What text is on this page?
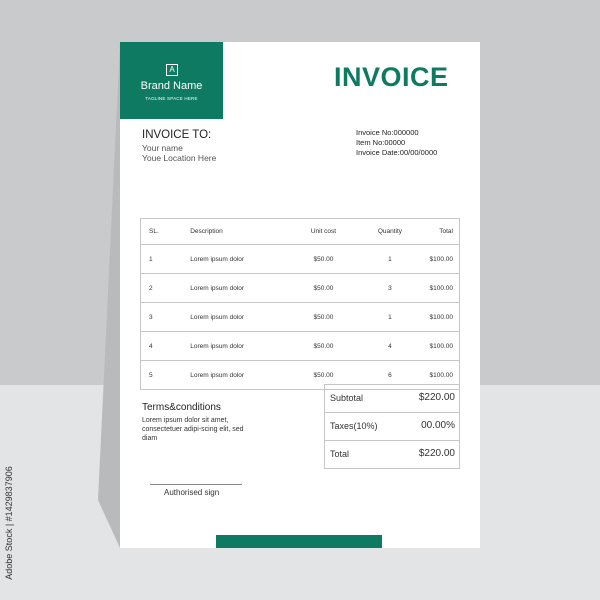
A
Brand Name
TAGLINE SPACE HERE
INVOICE
INVOICE TO:
Your name
Youe Location Here
Invoice No:000000
Item No:00000
Invoice Date:00/00/0000
SL.	Description	Unit cost	Quantity	Total
1	Lorem ipsum dolor	$50.00	1	$100.00
2	Lorem ipsum dolor	$50.00	3	$100.00
3	Lorem ipsum dolor	$50.00	1	$100.00
4	Lorem ipsum dolor	$50.00	4	$100.00
5	Lorem ipsum dolor	$50.00	6	$100.00
Subtotal	$220.00
Taxes(10%)	00.00%
Total	$220.00
Terms&conditions
Lorem ipsum dolor sit amet, consectetuer adipi-scing elit, sed diam
Authorised sign
Adobe Stock | #1429837906
